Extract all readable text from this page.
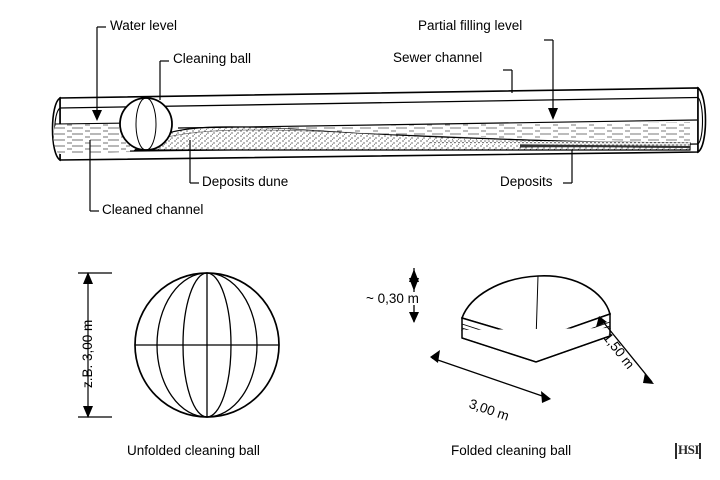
Water level
Cleaning ball
Partial filling level
Sewer channel
Deposits dune	Deposits
Cleaned channel
z.B. 3,00 m
Unfolded cleaning ball
~ 0,30 m
3,00 m
1,50 m
Folded cleaning ball	HSI
